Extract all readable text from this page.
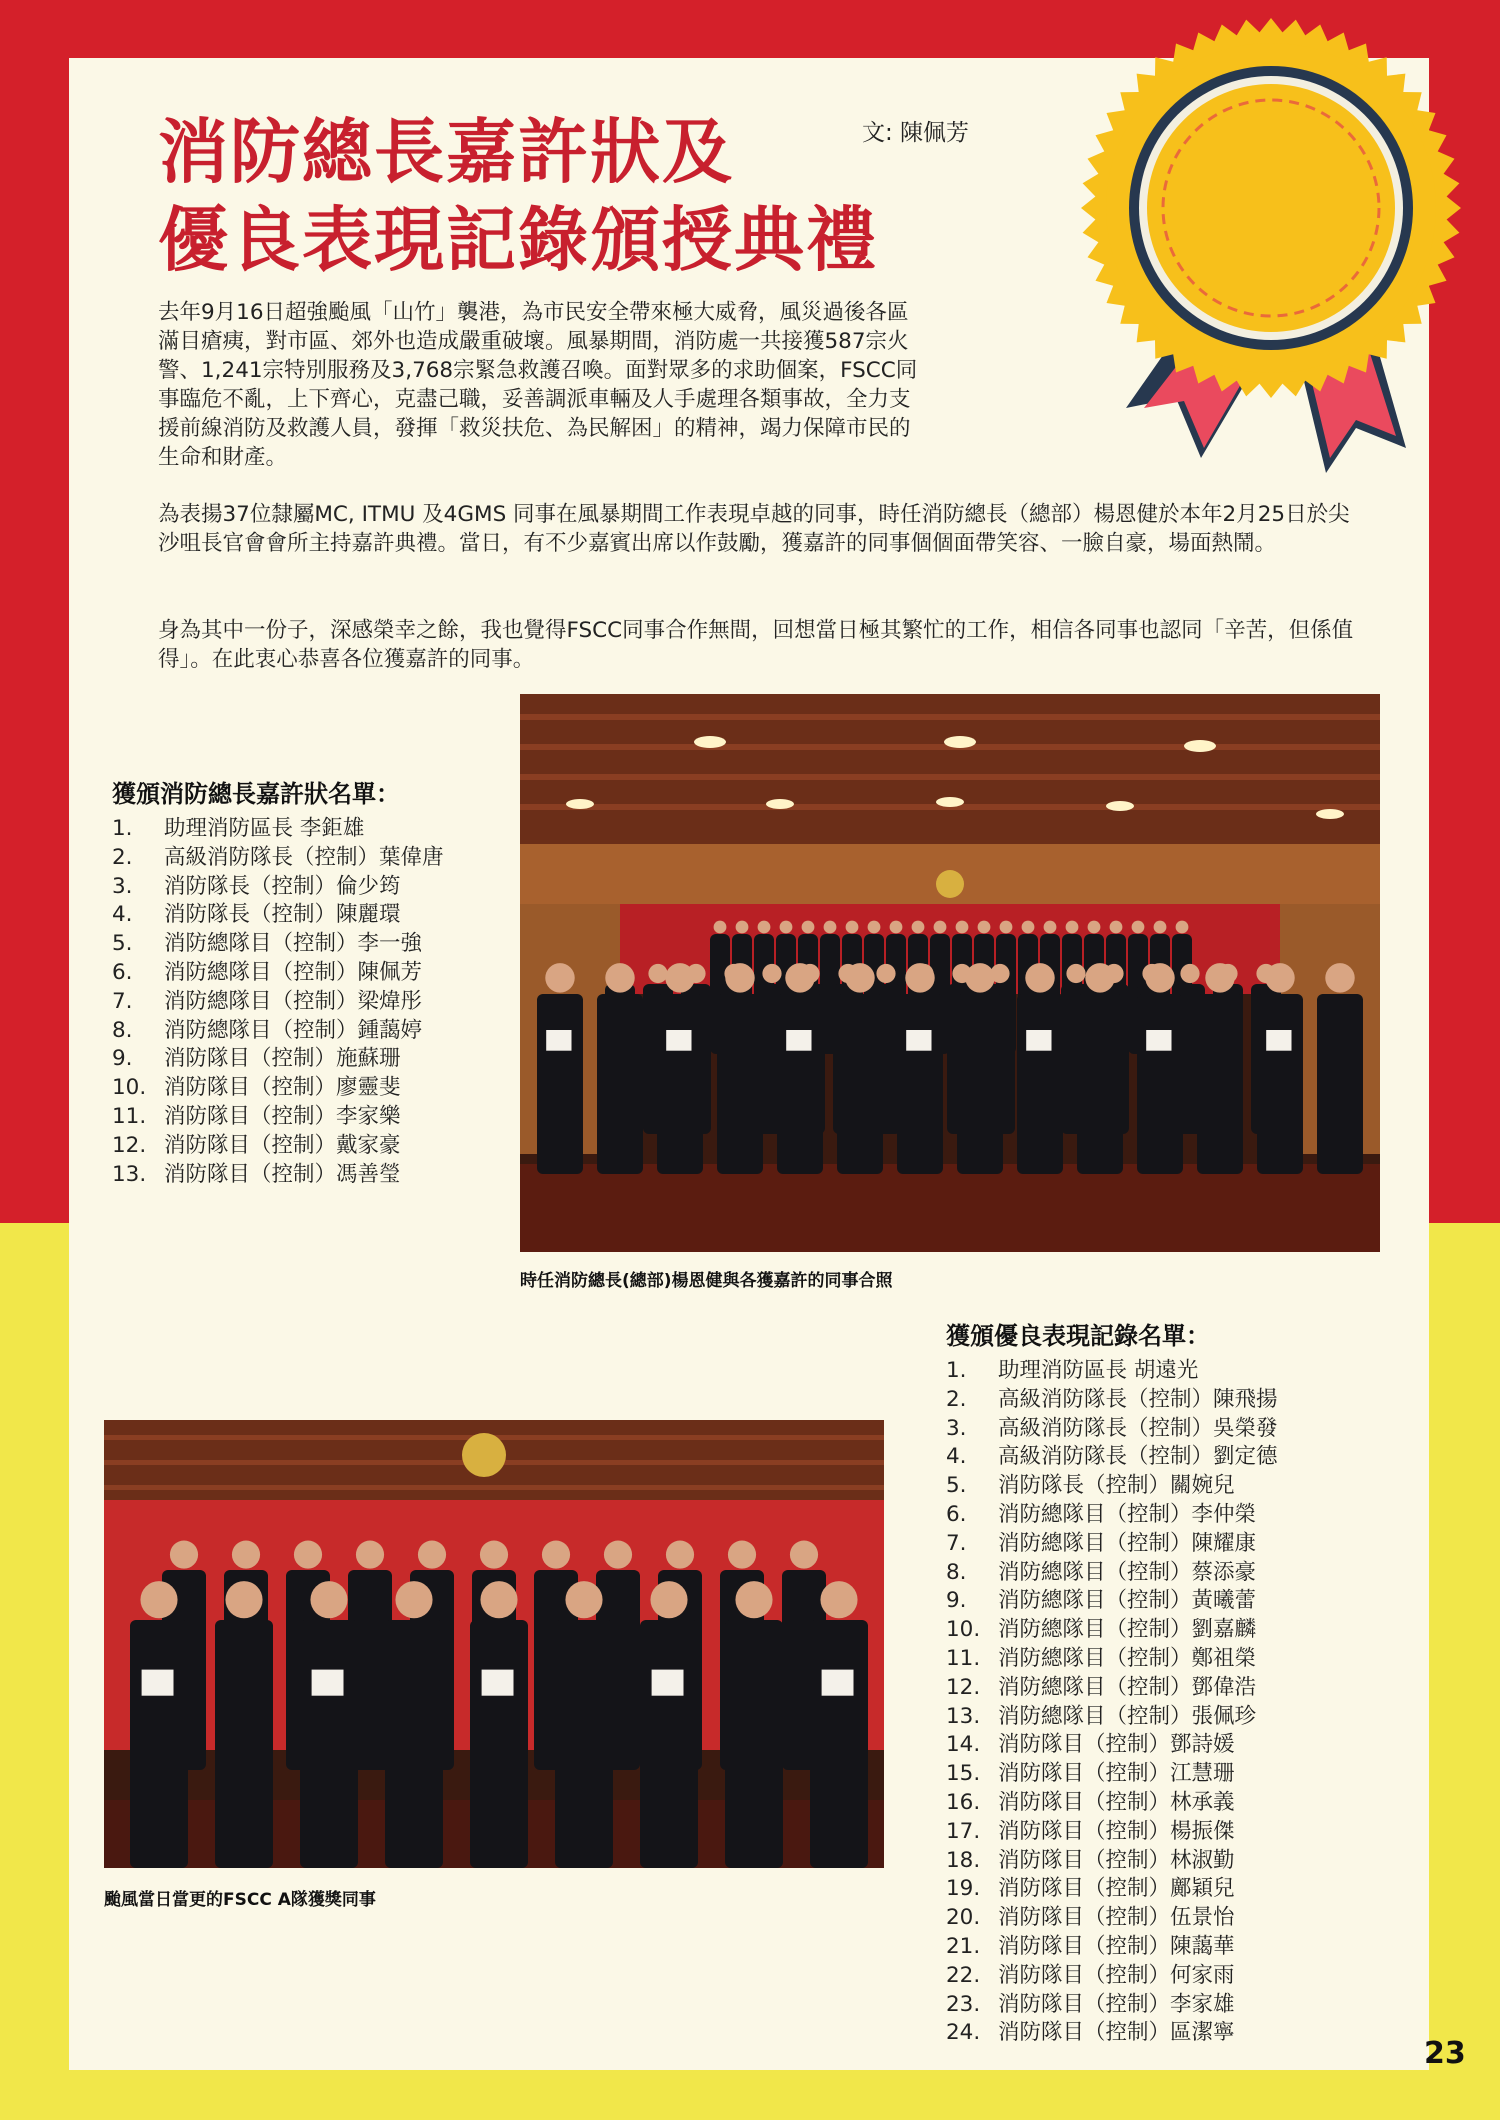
消防總長嘉許狀及
優良表現記錄頒授典禮
文: 陳佩芳
去年9月16日超強颱風「山竹」襲港，為市民安全帶來極大威脅，風災過後各區滿目瘡痍，對市區、郊外也造成嚴重破壞。風暴期間，消防處一共接獲587宗火警、1,241宗特別服務及3,768宗緊急救護召喚。面對眾多的求助個案，FSCC同事臨危不亂，上下齊心，克盡己職，妥善調派車輛及人手處理各類事故，全力支援前線消防及救護人員，發揮「救災扶危、為民解困」的精神，竭力保障市民的生命和財產。
為表揚37位隸屬MC, ITMU 及4GMS 同事在風暴期間工作表現卓越的同事，時任消防總長（總部）楊恩健於本年2月25日於尖沙咀長官會會所主持嘉許典禮。當日，有不少嘉賓出席以作鼓勵，獲嘉許的同事個個面帶笑容、一臉自豪，場面熱鬧。
身為其中一份子，深感榮幸之餘，我也覺得FSCC同事合作無間，回想當日極其繁忙的工作，相信各同事也認同「辛苦，但係值得」。在此衷心恭喜各位獲嘉許的同事。
時任消防總長(總部)楊恩健與各獲嘉許的同事合照
颱風當日當更的FSCC A隊獲獎同事
獲頒消防總長嘉許狀名單：
1. 助理消防區長 李鉅雄
2. 高級消防隊長（控制）葉偉唐
3. 消防隊長（控制）倫少筠
4. 消防隊長（控制）陳麗環
5. 消防總隊目（控制）李一強
6. 消防總隊目（控制）陳佩芳
7. 消防總隊目（控制）梁煒彤
8. 消防總隊目（控制）鍾藹婷
9. 消防隊目（控制）施蘇珊
10. 消防隊目（控制）廖靈斐
11. 消防隊目（控制）李家樂
12. 消防隊目（控制）戴家豪
13. 消防隊目（控制）馮善瑩
獲頒優良表現記錄名單：
1. 助理消防區長 胡遠光
2. 高級消防隊長（控制）陳飛揚
3. 高級消防隊長（控制）吳榮發
4. 高級消防隊長（控制）劉定德
5. 消防隊長（控制）關婉兒
6. 消防總隊目（控制）李仲榮
7. 消防總隊目（控制）陳耀康
8. 消防總隊目（控制）蔡添豪
9. 消防總隊目（控制）黃曦蕾
10. 消防總隊目（控制）劉嘉麟
11. 消防總隊目（控制）鄭祖榮
12. 消防總隊目（控制）鄧偉浩
13. 消防總隊目（控制）張佩珍
14. 消防隊目（控制）鄧詩媛
15. 消防隊目（控制）江慧珊
16. 消防隊目（控制）林承義
17. 消防隊目（控制）楊振傑
18. 消防隊目（控制）林淑勤
19. 消防隊目（控制）鄺穎兒
20. 消防隊目（控制）伍景怡
21. 消防隊目（控制）陳藹華
22. 消防隊目（控制）何家雨
23. 消防隊目（控制）李家雄
24. 消防隊目（控制）區潔寧
23
